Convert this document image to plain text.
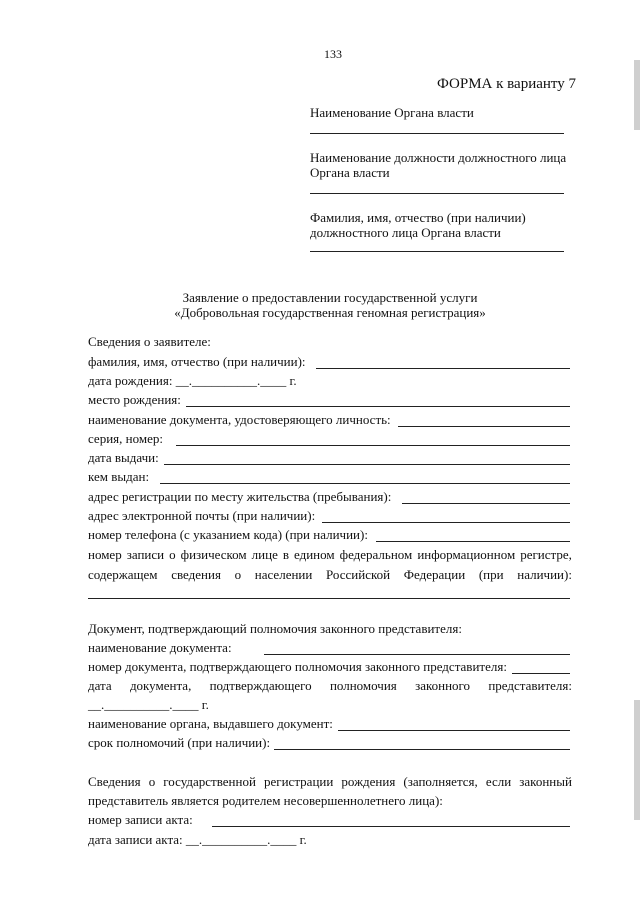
133
ФОРМА к варианту 7
Наименование Органа власти
Наименование должности должностного лица
Органа власти
Фамилия, имя, отчество (при наличии)
должностного лица Органа власти
Заявление о предоставлении государственной услуги
«Добровольная государственная геномная регистрация»
Сведения о заявителе:
фамилия, имя, отчество (при наличии):
дата рождения: __.__________.____ г.
место рождения:
наименование документа, удостоверяющего личность:
серия, номер:
дата выдачи:
кем выдан:
адрес регистрации по месту жительства (пребывания):
адрес электронной почты (при наличии):
номер телефона (с указанием кода) (при наличии):
номер записи о физическом лице в едином федеральном информационном регистре,
содержащем сведения о населении Российской Федерации (при наличии):
Документ, подтверждающий полномочия законного представителя:
наименование документа:
номер документа, подтверждающего полномочия законного представителя:
дата документа, подтверждающего полномочия законного представителя:
__.__________.____ г.
наименование органа, выдавшего документ:
срок полномочий (при наличии):
Сведения о государственной регистрации рождения (заполняется, если законный
представитель является родителем несовершеннолетнего лица):
номер записи акта:
дата записи акта: __.__________.____ г.
